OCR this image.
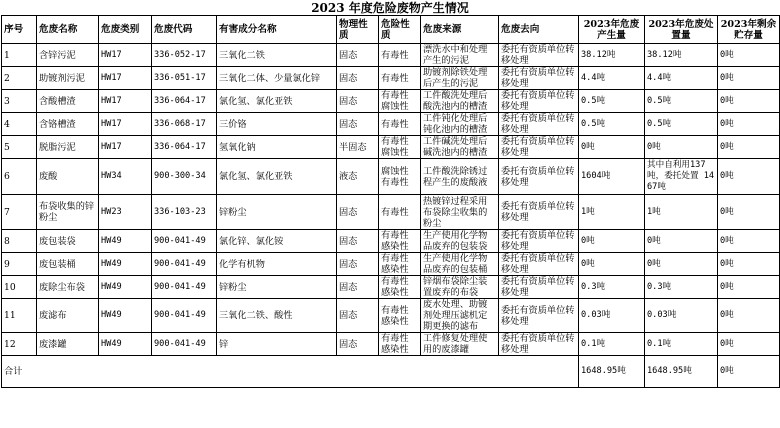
2023 年度危险废物产生情况
序号	危废名称	危废类别	危废代码	有害成分名称	物理性质	危险性质	危废来源	危废去向	2023年危废产生量	2023年危废处置量	2023年剩余贮存量
1	含锌污泥	HW17	336-052-17	三氧化二铁	固态	有毒性	漂洗水中和处理产生的污泥	委托有资质单位转移处理	38.12吨	38.12吨	0吨
2	助镀剂污泥	HW17	336-051-17	三氧化二体、少量氯化锌	固态	有毒性	助镀剂除铁处理后产生的污泥	委托有资质单位转移处理	4.4吨	4.4吨	0吨
3	含酸槽渣	HW17	336-064-17	氯化氢、氯化亚铁	固态	有毒性 腐蚀性	工件酸洗处理后酸洗池内的槽渣	委托有资质单位转移处理	0.5吨	0.5吨	0吨
4	含铬槽渣	HW17	336-068-17	三价铬	固态	有毒性	工件钝化处理后钝化池内的槽渣	委托有资质单位转移处理	0.5吨	0.5吨	0吨
5	脱脂污泥	HW17	336-064-17	氢氧化钠	半固态	有毒性 腐蚀性	工件碱洗处理后碱洗池内的槽渣	委托有资质单位转移处理	0吨	0吨	0吨
6	废酸	HW34	900-300-34	氯化氢、氯化亚铁	液态	腐蚀性 有毒性	工件酸洗除锈过程产生的废酸液	委托有资质单位转移处理	1604吨	其中自利用137吨，委托处置 1467吨	0吨
7	布袋收集的锌粉尘	HW23	336-103-23	锌粉尘	固态	有毒性	热镀锌过程采用布袋除尘收集的粉尘	委托有资质单位转移处理	1吨	1吨	0吨
8	废包装袋	HW49	900-041-49	氯化锌、氯化铵	固态	有毒性 感染性	生产使用化学物品废弃的包装袋	委托有资质单位转移处理	0吨	0吨	0吨
9	废包装桶	HW49	900-041-49	化学有机物	固态	有毒性 感染性	生产使用化学物品废弃的包装桶	委托有资质单位转移处理	0吨	0吨	0吨
10	废除尘布袋	HW49	900-041-49	锌粉尘	固态	有毒性 感染性	锌烟布袋除尘装置废弃的布袋	委托有资质单位转移处理	0.3吨	0.3吨	0吨
11	废滤布	HW49	900-041-49	三氧化二铁、酸性	固态	有毒性 感染性	废水处理、助镀剂处理压滤机定期更换的滤布	委托有资质单位转移处理	0.03吨	0.03吨	0吨
12	废漆罐	HW49	900-041-49	锌	固态	有毒性 感染性	工件修复处理使用的废漆罐	委托有资质单位转移处理	0.1吨	0.1吨	0吨
合计									1648.95吨	1648.95吨	0吨
